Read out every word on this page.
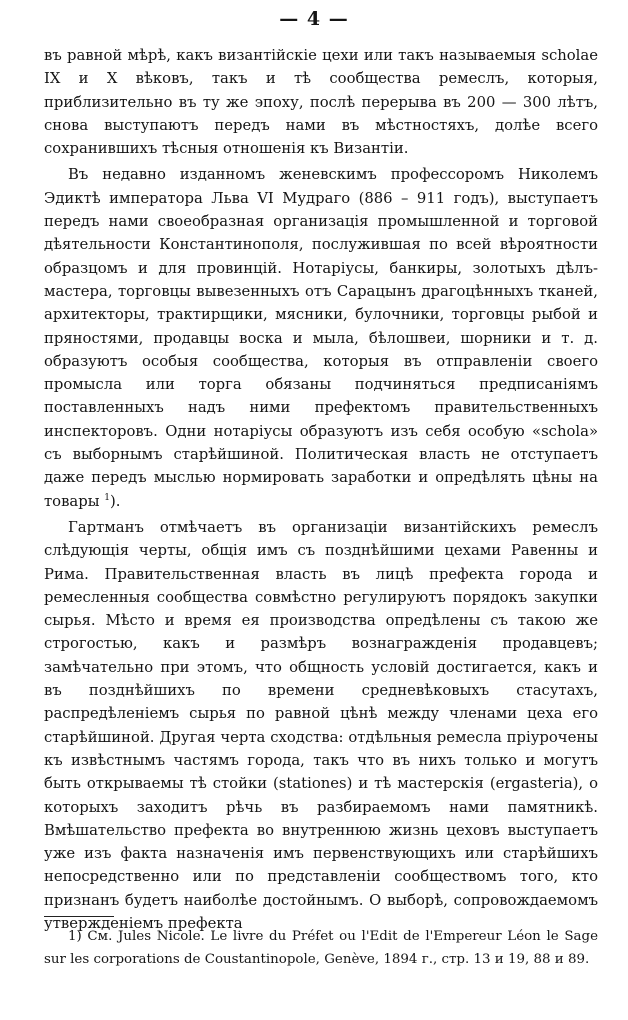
— 4 —

въ равной мѣрѣ, какъ византiйскiе цехи или такъ называемыя scholae IX и X вѣковъ, такъ и тѣ сообщества ремеслъ, которыя, приблизительно въ ту же эпоху, послѣ перерыва въ 200 — 300 лѣтъ, снова выступаютъ передъ нами въ мѣстностяхъ, долѣе всего сохранившихъ тѣсныя отношенiя къ Византiи.

Въ недавно изданномъ женевскимъ профессоромъ Николемъ Эдиктѣ императора Льва VI Мудраго (886 – 911 годъ), выступаетъ передъ нами своеобразная организацiя промышленной и торговой дѣятельности Константинополя, послужившая по всей вѣроятности образцомъ и для провинцiй. Нотарiусы, банкиры, золотыхъ дѣлъ-мастера, торговцы вывезенныхъ отъ Сарацынъ драгоцѣнныхъ тканей, архитекторы, трактирщики, мясники, булочники, торговцы рыбой и пряностями, продавцы воска и мыла, бѣлошвеи, шорники и т. д. образуютъ особыя сообщества, которыя въ отправленiи своего промысла или торга обязаны подчиняться предписанiямъ поставленныхъ надъ ними префектомъ правительственныхъ инспекторовъ. Одни нотарiусы образуютъ изъ себя особую «schola» съ выборнымъ старѣйшиной. Политическая власть не отступаетъ даже передъ мыслью нормировать заработки и опредѣлять цѣны на товары $^1$).

Гартманъ отмѣчаетъ въ организацiи византiйскихъ ремеслъ слѣдующiя черты, общiя имъ съ позднѣйшими цехами Равенны и Рима. Правительственная власть въ лицѣ префекта города и ремесленныя сообщества совмѣстно регулируютъ порядокъ закупки сырья. Мѣсто и время ея производства опредѣлены съ такою же строгостью, какъ и размѣръ вознагражденiя продавцевъ; замѣчательно при этомъ, что общность условiй достигается, какъ и въ позднѣйшихъ по времени средневѣковыхъ стасутахъ, распредѣленiемъ сырья по равной цѣнѣ между членами цеха его старѣйшиной. Другая черта сходства: отдѣльныя ремесла прiурочены къ извѣстнымъ частямъ города, такъ что въ нихъ только и могутъ быть открываемы тѣ стойки (stationes) и тѣ мастерскiя (ergasteria), о которыхъ заходитъ рѣчь въ разбираемомъ нами памятникѣ. Вмѣшательство префекта во внутреннюю жизнь цеховъ выступаетъ уже изъ факта назначенiя имъ первенствующихъ или старѣйшихъ непосредственно или по представленiи сообществомъ того, кто признанъ будетъ наиболѣе достойнымъ. О выборѣ, сопровождаемомъ утвержденiемъ префекта

1) См. Jules Nicole. Le livre du Préfet ou l'Edit de l'Empereur Léon le Sage sur les corporations de Coustantinopole, Genève, 1894 г., стр. 13 и 19, 88 и 89.
